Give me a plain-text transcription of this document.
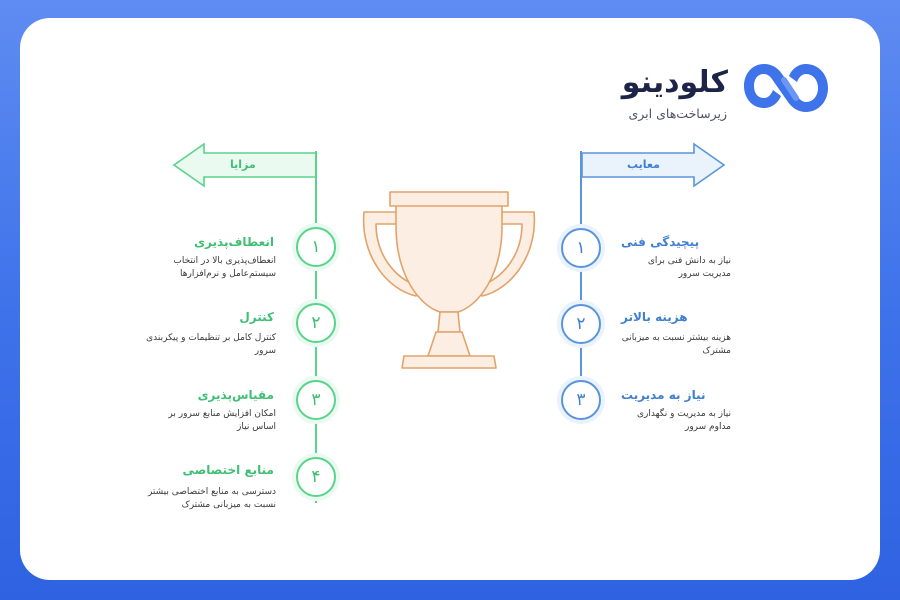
کلودینو
زیرساخت‌های ابری
مزایا
۱
انعطاف‌پذیری
انعطاف‌پذیری بالا در انتخاب سیستم‌عامل و نرم‌افزارها
۲
کنترل
کنترل کامل بر تنظیمات و پیکربندی سرور
۳
مقیاس‌پذیری
امکان افزایش منابع سرور بر اساس نیاز
۴
منابع اختصاصی
دسترسی به منابع اختصاصی بیشتر نسبت به میزبانی مشترک
معایب
۱	پیچیدگی فنی
نیاز به دانش فنی برای مدیریت سرور
۲	هزینه بالاتر
هزینه بیشتر نسبت به میزبانی مشترک
۳	نیاز به مدیریت
نیاز به مدیریت و نگهداری مداوم سرور
